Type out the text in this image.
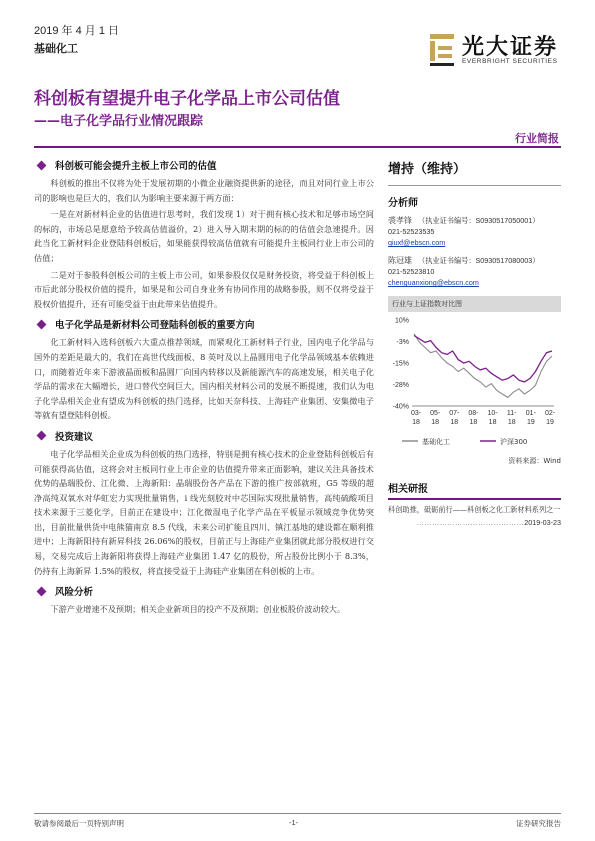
2019 年 4 月 1 日
基础化工	光大证券
EVERBRIGHT SECURITIES
科创板有望提升电子化学品上市公司估值
——电子化学品行业情况跟踪
行业简报
科创板可能会提升主板上市公司的估值

科创板的推出不仅将为处于发展初期的小微企业融资提供新的途径，而且对同行业上市公司的影响也是巨大的，我们认为影响主要来源于两方面：

一是在对新材料企业的估值进行思考时，我们发现 1）对于拥有核心技术和足够市场空间的标的，市场总是愿意给予较高估值溢价，2）进入导入期末期的标的的估值会急速提升。因此当化工新材料企业登陆科创板后，如果能获得较高估值就有可能提升主板同行业上市公司的估值；

二是对于参股科创板公司的主板上市公司，如果参股仅仅是财务投资，将受益于科创板上市后此部分股权价值的提升，如果是和公司自身业务有协同作用的战略参股，则不仅将受益于股权价值提升，还有可能受益于由此带来估值提升。

电子化学品是新材料公司登陆科创板的重要方向

化工新材料入选科创板六大重点推荐领域，而紧观化工新材料子行业，国内电子化学品与国外的差距是最大的，我们在高世代线面板、8 英吋及以上晶圆用电子化学品领域基本依赖进口，而随着近年来下游液晶面板和晶圆厂向国内转移以及新能源汽车的高速发展，相关电子化学品的需求在大幅增长，进口替代空间巨大，国内相关材料公司的发展不断提速，我们认为电子化学品相关企业有望成为科创板的热门选择，比如天奈科技、上海硅产业集团、安集微电子等就有望登陆科创板。

投资建议

电子化学品相关企业成为科创板的热门选择，特别是拥有核心技术的企业登陆科创板后有可能获得高估值，这将会对主板同行业上市企业的估值提升带来正面影响，建议关注具备技术优势的晶瑞股份、江化微、上海新阳：晶瑞股份各产品在下游的推广按部就班，G5 等级的超净高纯双氧水对华虹宏力实现批量销售，i 线光刻胶对中芯国际实现批量销售，高纯硫酸项目技术来源于三菱化学，目前正在建设中；江化微湿电子化学产品在平板显示领域竞争优势突出，目前批量供货中电熊猫南京 8.5 代线，未来公司扩能且四川、镇江基地的建设都在顺利推进中；上海新阳持有新昇科技 26.06%的股权，目前正与上海硅产业集团就此部分股权进行交易，交易完成后上海新阳将获得上海硅产业集团 1.47 亿的股份，所占股份比例小于 8.3%，仍持有上海新昇 1.5%的股权，将直接受益于上海硅产业集团在科创板的上市。

风险分析

下游产业增速不及预期；相关企业新项目的投产不及预期；创业板股价波动较大。

增持（维持）
分析师
裘孝锋 （执业证书编号：S0930517050001）
021-52523535
qiuxf@ebscn.com
陈冠雄 （执业证书编号：S0930517080003）
021-52523810
chenguanxiong@ebscn.com
行业与上证指数对比图
10%
-3%
-15%
-28%
-40%
03-
18
05-
18
07-
18
08-
18
10-
18
11-
18
01-
19
02-
19
基础化工	沪深300
资料来源：Wind
相关研报
科创助推，砥砺前行——科创板之化工新材料系列之一
……………………………………2019-03-23
敬请参阅最后一页特别声明	-1-	证券研究报告
